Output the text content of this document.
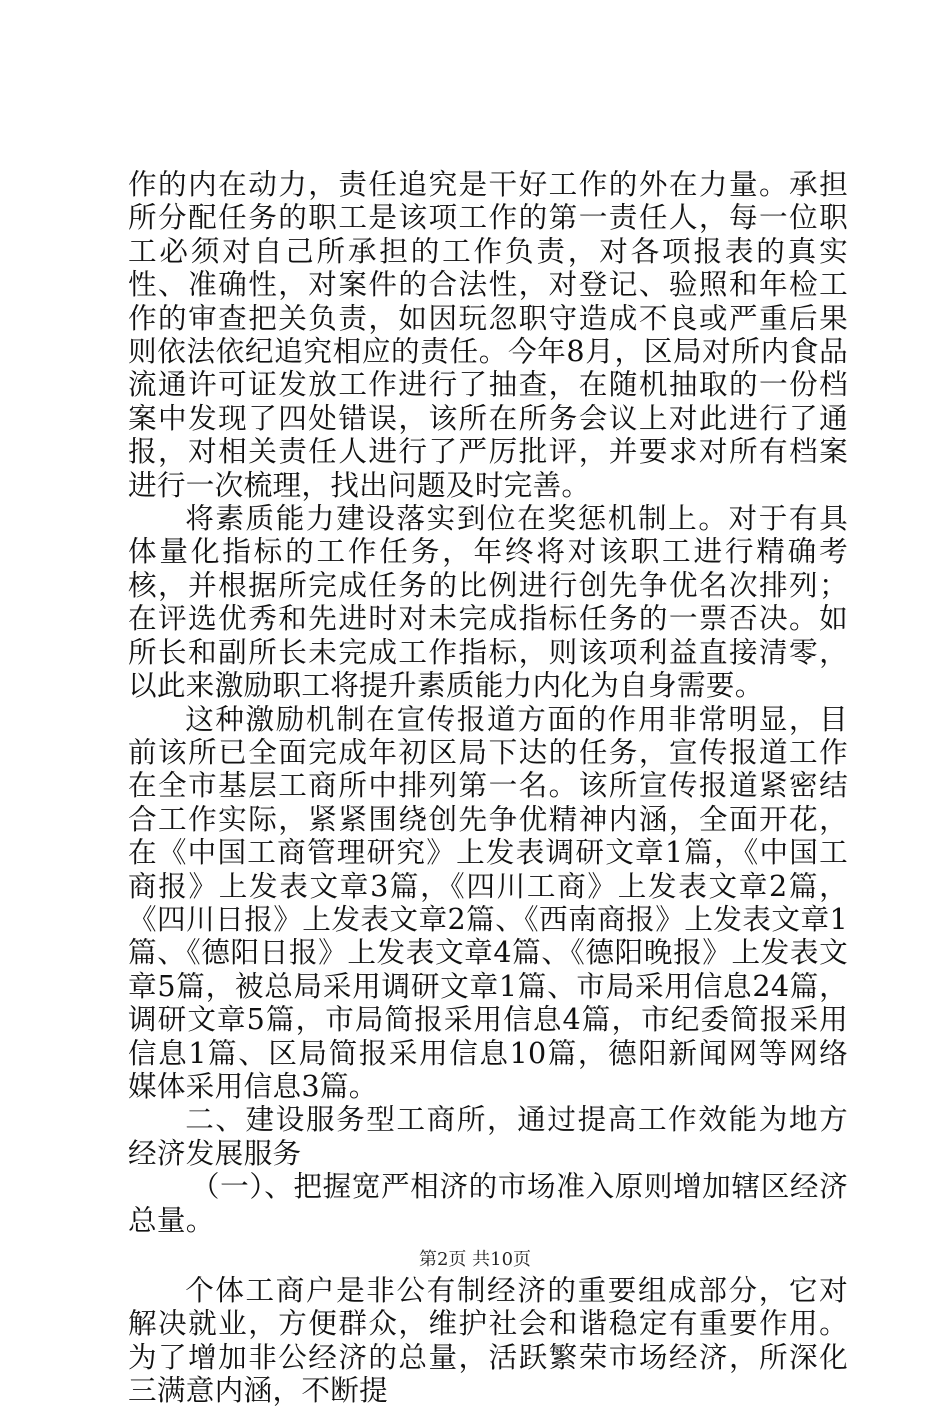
作的内在动力，责任追究是干好工作的外在力量。承担所分配任务的职工是该项工作的第一责任人，每一位职工必须对自己所承担的工作负责，对各项报表的真实性、准确性，对案件的合法性，对登记、验照和年检工作的审查把关负责，如因玩忽职守造成不良或严重后果则依法依纪追究相应的责任。今年8月，区局对所内食品流通许可证发放工作进行了抽查，在随机抽取的一份档案中发现了四处错误，该所在所务会议上对此进行了通报，对相关责任人进行了严厉批评，并要求对所有档案进行一次梳理，找出问题及时完善。

将素质能力建设落实到位在奖惩机制上。对于有具体量化指标的工作任务，年终将对该职工进行精确考核，并根据所完成任务的比例进行创先争优名次排列；在评选优秀和先进时对未完成指标任务的一票否决。如所长和副所长未完成工作指标，则该项利益直接清零，以此来激励职工将提升素质能力内化为自身需要。

这种激励机制在宣传报道方面的作用非常明显，目前该所已全面完成年初区局下达的任务，宣传报道工作在全市基层工商所中排列第一名。该所宣传报道紧密结合工作实际，紧紧围绕创先争优精神内涵，全面开花，在《中国工商管理研究》上发表调研文章1篇，《中国工商报》上发表文章3篇，《四川工商》上发表文章2篇，《四川日报》上发表文章2篇、《西南商报》上发表文章1篇、《德阳日报》上发表文章4篇、《德阳晚报》上发表文章5篇，被总局采用调研文章1篇、市局采用信息24篇，调研文章5篇，市局简报采用信息4篇，市纪委简报采用信息1篇、区局简报采用信息10篇，德阳新闻网等网络媒体采用信息3篇。

二、建设服务型工商所，通过提高工作效能为地方经济发展服务

（一）、把握宽严相济的市场准入原则增加辖区经济总量。

个体工商户是非公有制经济的重要组成部分，它对解决就业，方便群众，维护社会和谐稳定有重要作用。为了增加非公经济的总量，活跃繁荣市场经济，所深化三满意内涵，不断提

第2页 共10页
